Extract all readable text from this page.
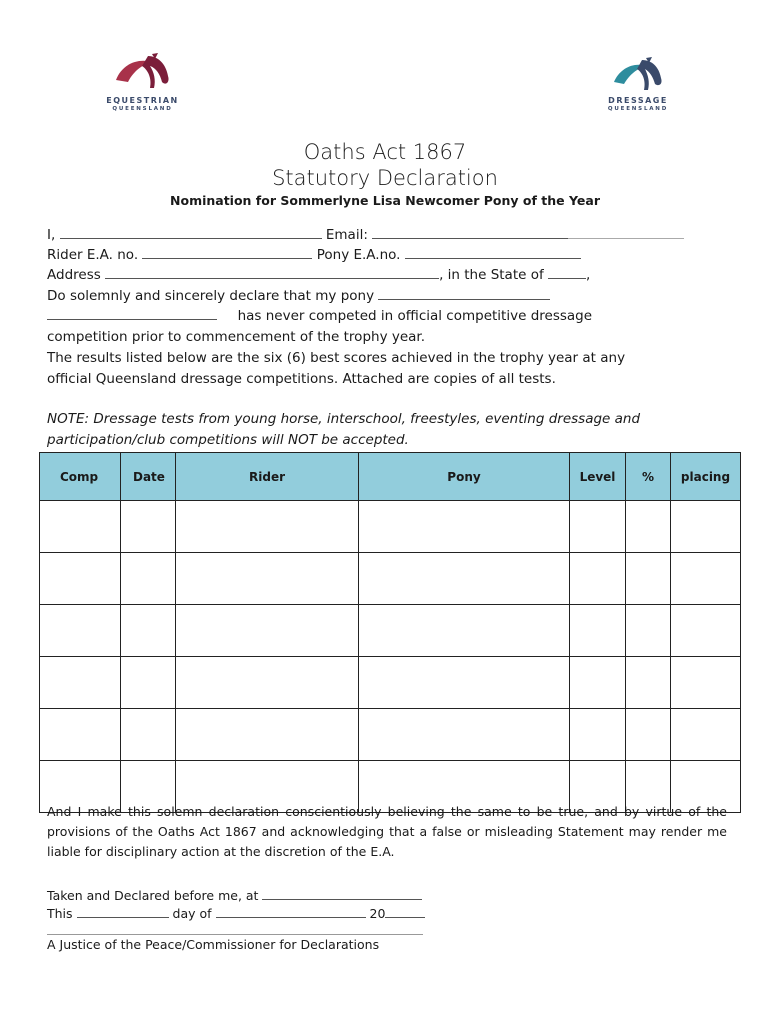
EQUESTRIAN
QUEENSLAND
DRESSAGE
QUEENSLAND
Oaths Act 1867
Statutory Declaration
Nomination for Sommerlyne Lisa Newcomer Pony of the Year
I,	Email:
Rider E.A. no.	Pony E.A.no.
Address	, in the State of	,
Do solemnly and sincerely declare that my pony
has never competed in official competitive dressage
competition prior to commencement of the trophy year.
The results listed below are the six (6) best scores achieved in the trophy year at any
official Queensland dressage competitions. Attached are copies of all tests.
NOTE: Dressage tests from young horse, interschool, freestyles, eventing dressage and
participation/club competitions will NOT be accepted.
Comp	Date	Rider	Pony	Level	%	placing

And I make this solemn declaration conscientiously believing the same to be true, and by virtue of the provisions of the Oaths Act 1867 and acknowledging that a false or misleading Statement may render me liable for disciplinary action at the discretion of the E.A.
Taken and Declared before me, at
This	day of	20
A Justice of the Peace/Commissioner for Declarations
